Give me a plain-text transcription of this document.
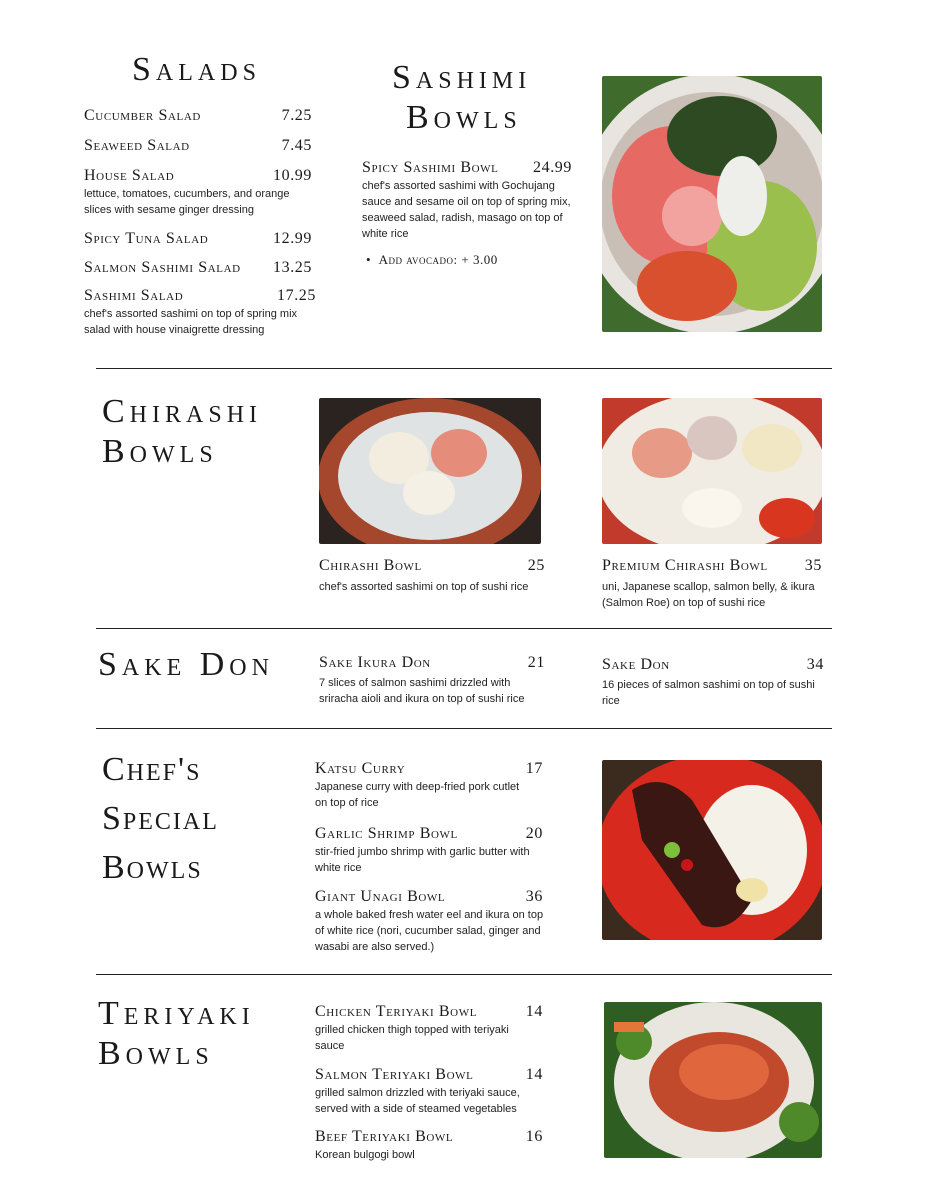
Salads
Cucumber Salad	7.25
Seaweed Salad	7.45
House Salad	10.99
lettuce, tomatoes, cucumbers, and orange slices with sesame ginger dressing
Spicy Tuna Salad	12.99
Salmon Sashimi Salad 13.25
Sashimi Salad	17.25
chef's assorted sashimi on top of spring mix salad with house vinaigrette dressing
Sashimi
Bowls
Spicy Sashimi Bowl 24.99
chef's assorted sashimi with Gochujang sauce and sesame oil on top of spring mix, seaweed salad, radish, masago on top of white rice
•  Add avocado: + 3.00
Chirashi
Bowls
Chirashi Bowl	25
chef's assorted sashimi on top of sushi rice
Premium Chirashi Bowl 35
uni, Japanese scallop, salmon belly, & ikura (Salmon Roe) on top of sushi rice
Sake Don	Sake Ikura Don	21
7 slices of salmon sashimi drizzled with sriracha aioli and ikura on top of sushi rice
Sake Don	34
16 pieces of salmon sashimi on top of sushi rice
Chef's
Special
Bowls
Katsu Curry	17
Japanese curry with deep-fried pork cutlet on top of rice
Garlic Shrimp Bowl	20
stir-fried jumbo shrimp with garlic butter with white rice
Giant Unagi Bowl	36
a whole baked fresh water eel and ikura on top of white rice (nori, cucumber salad, ginger and wasabi are also served.)
Teriyaki
Bowls
Chicken Teriyaki Bowl	14
grilled chicken thigh topped with teriyaki sauce
Salmon Teriyaki Bowl	14
grilled salmon drizzled with teriyaki sauce, served with a side of steamed vegetables
Beef Teriyaki Bowl	16
Korean bulgogi bowl
